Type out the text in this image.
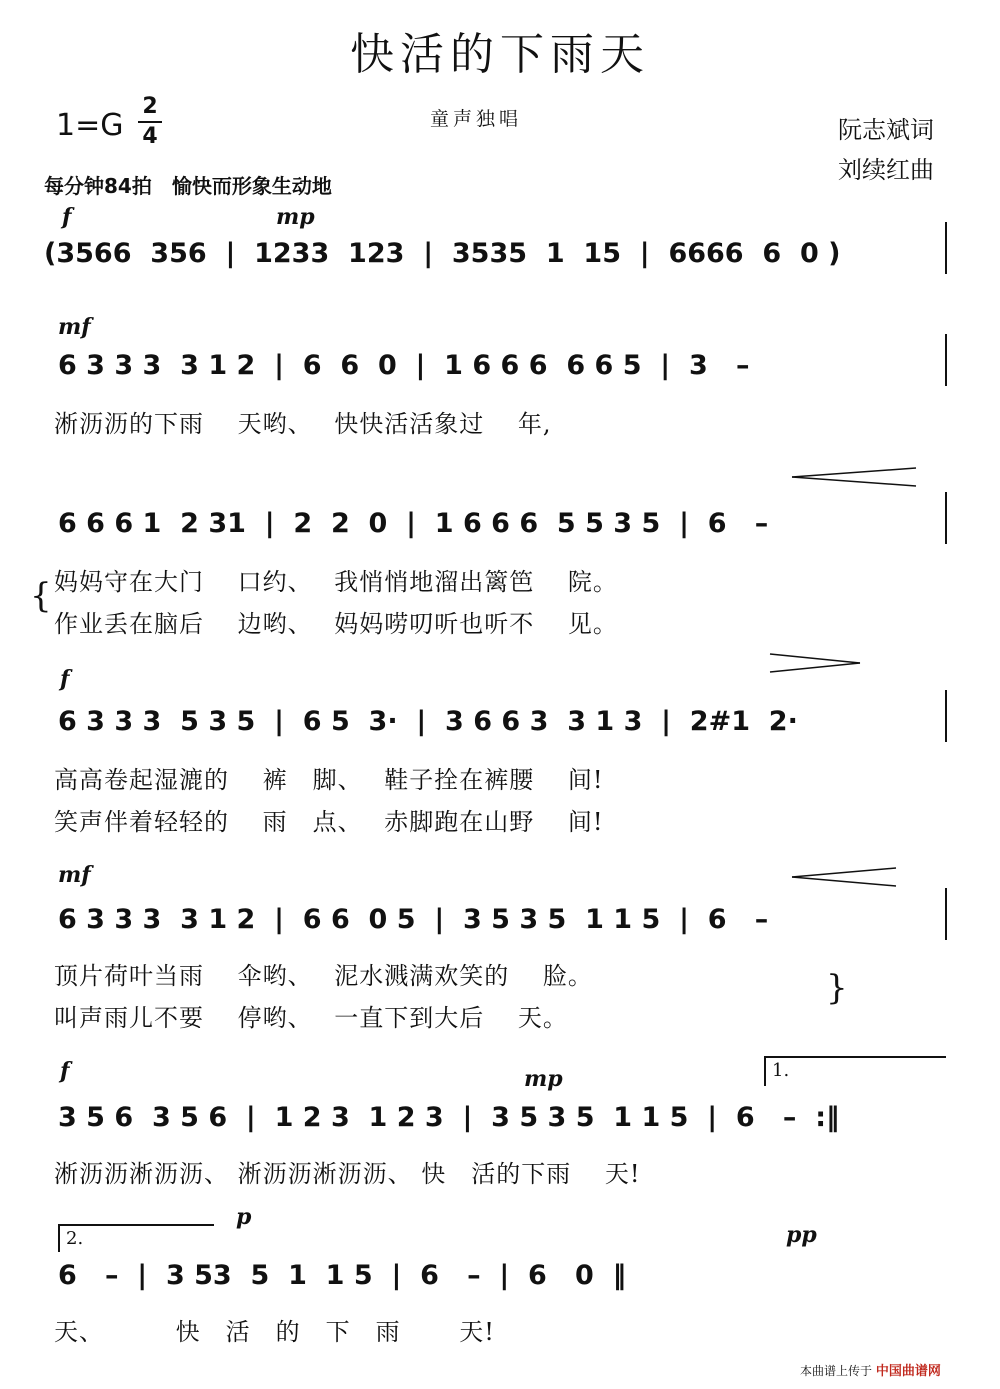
快活的下雨天
1=G
2
4
童声独唱	阮志斌词
刘续红曲
每分钟84拍　愉快而形象生动地
f	mp
(3566  356  |  1233  123  |  3535  1  15  |  6666  6  0 )
mf
6 3 3 3  3 1 2  |  6  6  0  |  1 6 6 6  6 6 5  |  3   –
淅沥沥的下雨　 天哟、　 快快活活象过　 年,
6 6 6 1  2 31  |  2  2  0  |  1 6 6 6  5 5 3 5  |  6   –
{ 妈妈守在大门　 口约、　 我悄悄地溜出篱笆　 院。
作业丢在脑后　 边哟、　 妈妈唠叨听也听不　 见。
f
6 3 3 3  5 3 5  |  6 5  3·  |  3 6 6 3  3 1 3  |  2#1  2·
高高卷起湿漉的　 裤　脚、　 鞋子拴在裤腰　 间!
笑声伴着轻轻的　 雨　点、　 赤脚跑在山野　 间!
mf
6 3 3 3  3 1 2  |  6 6  0 5  |  3 5 3 5  1 1 5  |  6   –
顶片荷叶当雨　 伞哟、　 泥水溅满欢笑的　 脸。
叫声雨儿不要　 停哟、　 一直下到大后　 天。
}
f	mp	1.
3 5 6  3 5 6  |  1 2 3  1 2 3  |  3 5 3 5  1 1 5  |  6   –  :‖
淅沥沥淅沥沥、 淅沥沥淅沥沥、 快　活的下雨　 天!
2.
p
pp
6   –  |  3 53  5  1  1 5  |  6   –  |  6   0  ‖
天、　　　 快　活　的　下　雨　　 天!
本曲谱上传于 中国曲谱网
